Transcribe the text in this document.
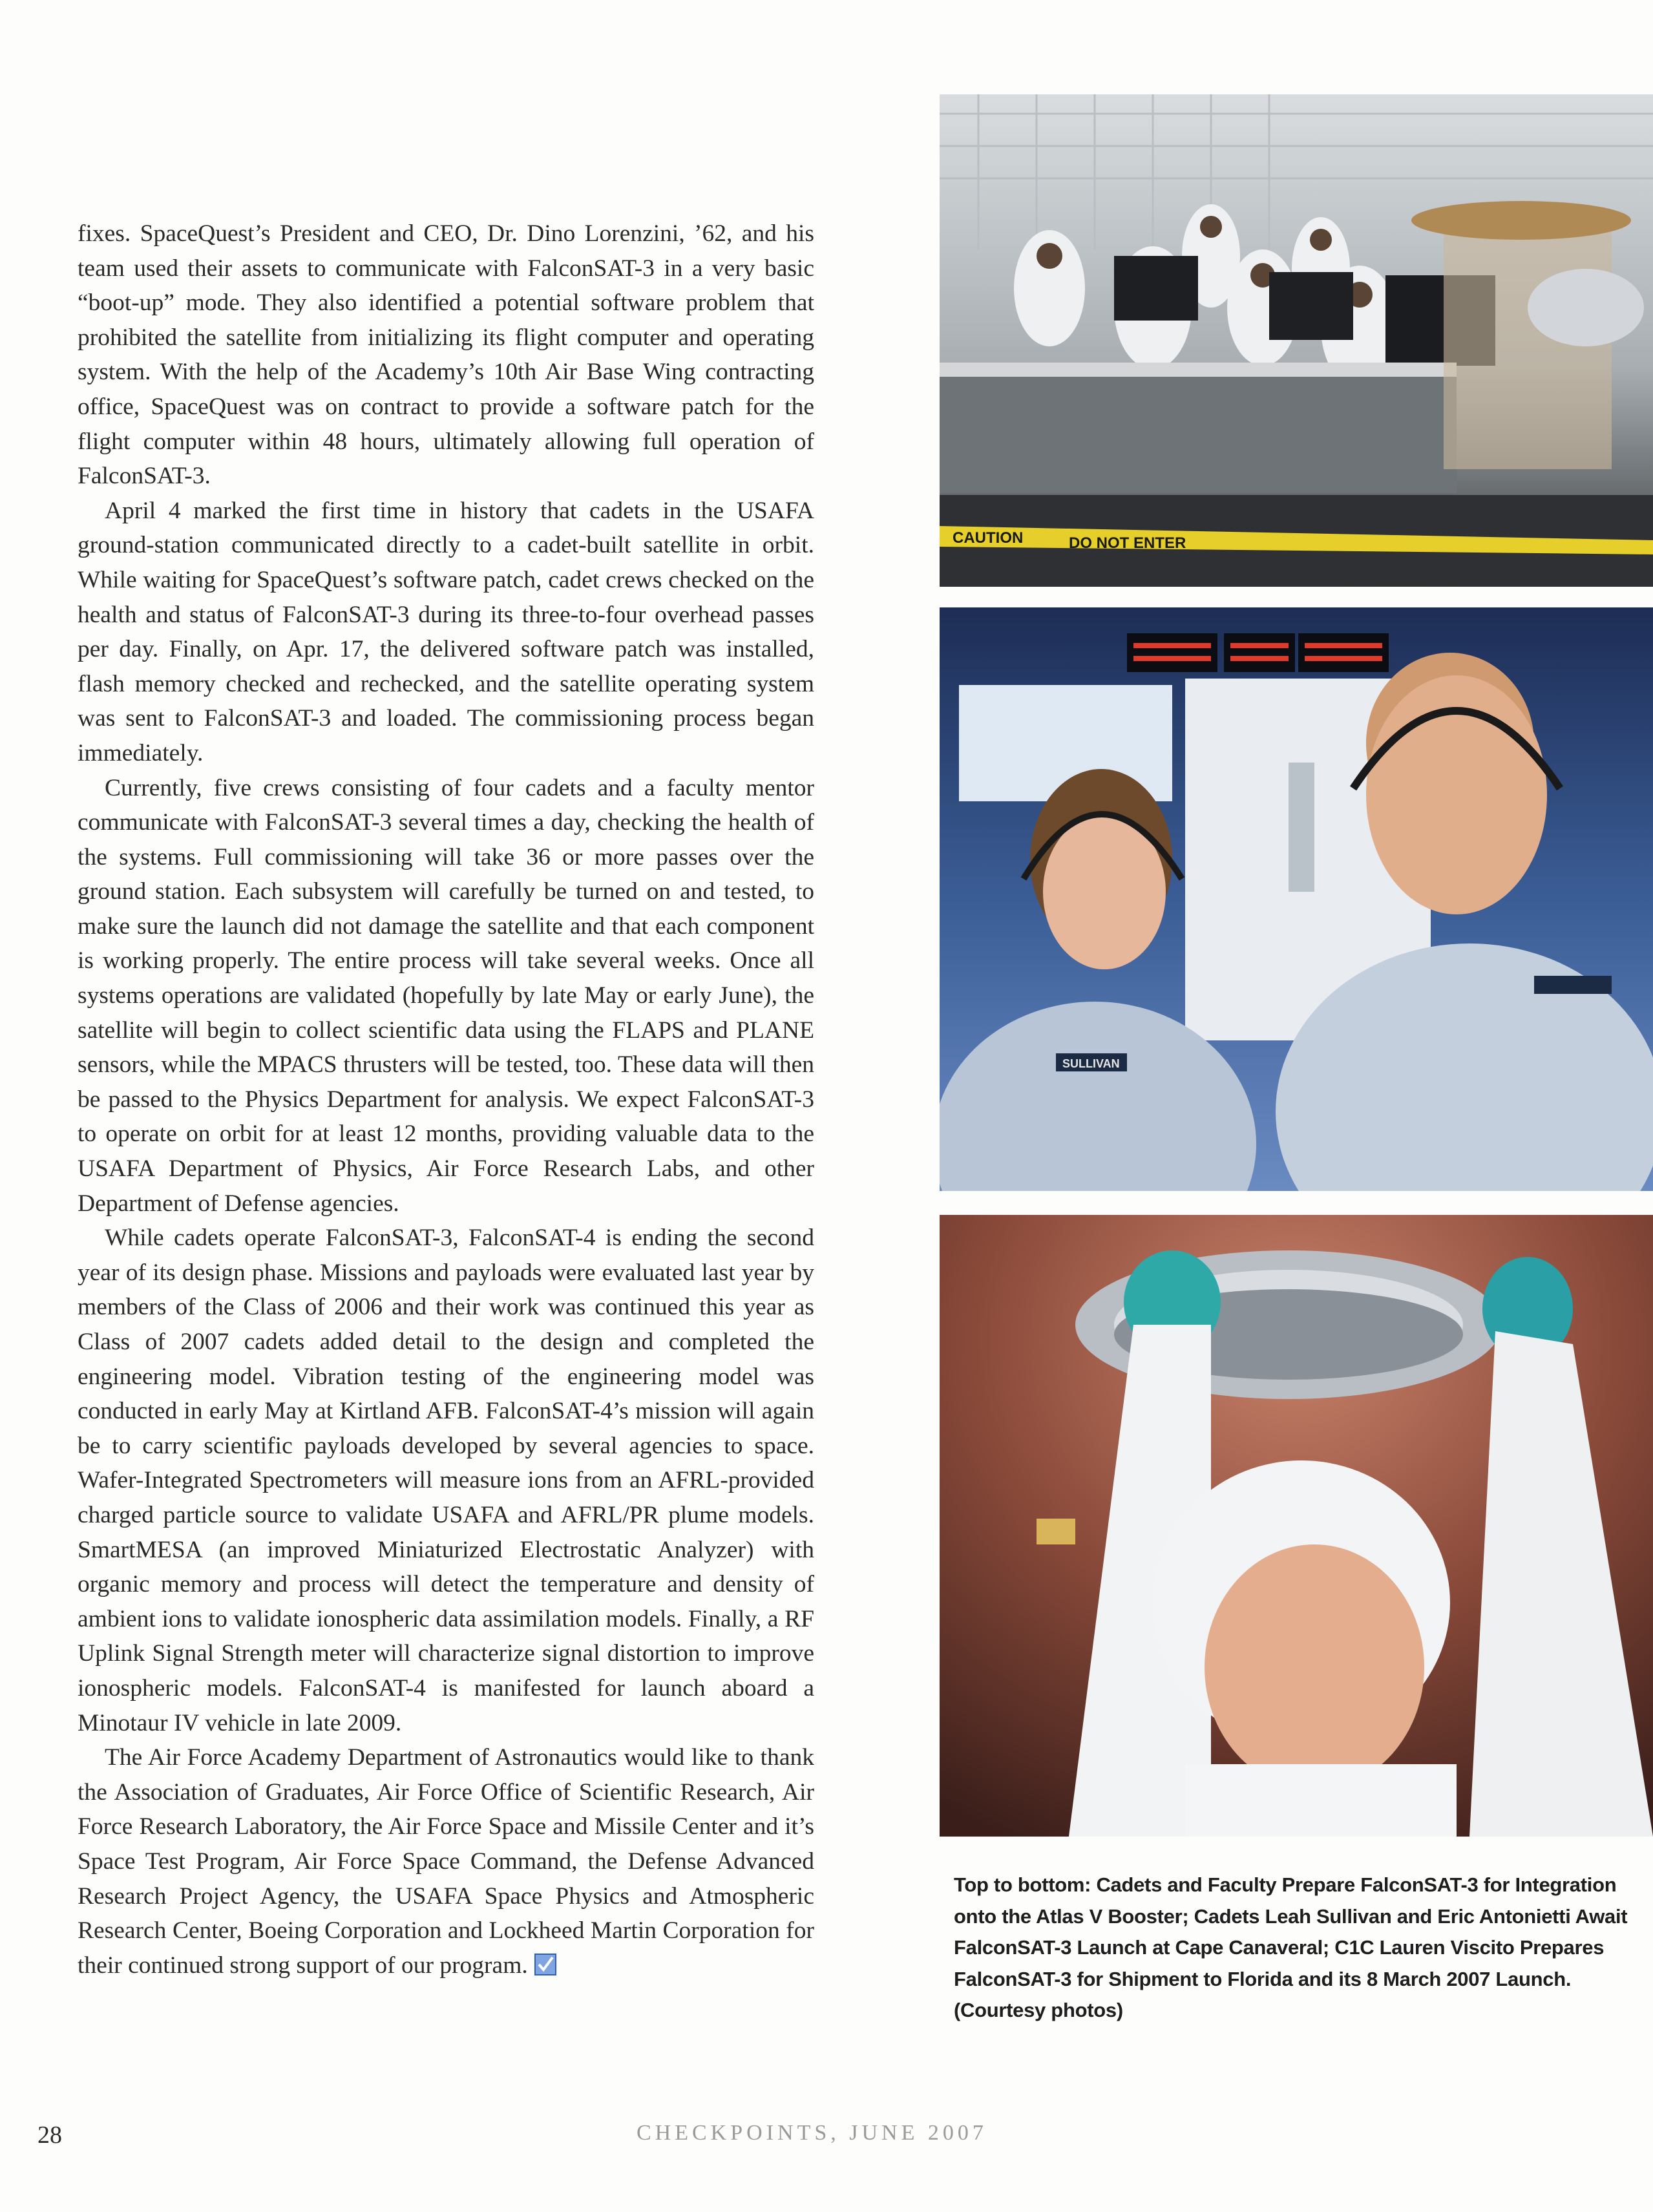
fixes. SpaceQuest’s President and CEO, Dr. Dino Lorenzini, ’62, and his team used their assets to communicate with FalconSAT-3 in a very basic “boot-up” mode. They also identified a potential software problem that prohibited the satellite from initializing its flight computer and operating system. With the help of the Academy’s 10th Air Base Wing contracting office, SpaceQuest was on contract to provide a software patch for the flight computer within 48 hours, ultimately allowing full operation of FalconSAT-3.

April 4 marked the first time in history that cadets in the USAFA ground-station communicated directly to a cadet-built satellite in orbit. While waiting for SpaceQuest’s software patch, cadet crews checked on the health and status of FalconSAT-3 during its three-to-four overhead passes per day. Finally, on Apr. 17, the delivered software patch was installed, flash memory checked and rechecked, and the satellite operating system was sent to FalconSAT-3 and loaded. The commissioning process began immediately.

Currently, five crews consisting of four cadets and a faculty mentor communicate with FalconSAT-3 several times a day, checking the health of the systems. Full commissioning will take 36 or more passes over the ground station. Each subsystem will carefully be turned on and tested, to make sure the launch did not damage the satellite and that each component is working properly. The entire process will take several weeks. Once all systems operations are validated (hopefully by late May or early June), the satellite will begin to collect scientific data using the FLAPS and PLANE sensors, while the MPACS thrusters will be tested, too. These data will then be passed to the Physics Department for analysis. We expect FalconSAT-3 to operate on orbit for at least 12 months, providing valuable data to the USAFA Department of Physics, Air Force Research Labs, and other Department of Defense agencies.

While cadets operate FalconSAT-3, FalconSAT-4 is ending the second year of its design phase. Missions and payloads were evaluated last year by members of the Class of 2006 and their work was continued this year as Class of 2007 cadets added detail to the design and completed the engineering model. Vibration testing of the engineering model was conducted in early May at Kirtland AFB. FalconSAT-4’s mission will again be to carry scientific payloads developed by several agencies to space. Wafer-Integrated Spectrometers will measure ions from an AFRL-provided charged particle source to validate USAFA and AFRL/PR plume models. SmartMESA (an improved Miniaturized Electrostatic Analyzer) with organic memory and process will detect the temperature and density of ambient ions to validate ionospheric data assimilation models. Finally, a RF Uplink Signal Strength meter will characterize signal distortion to improve ionospheric models. FalconSAT-4 is manifested for launch aboard a Minotaur IV vehicle in late 2009.

The Air Force Academy Department of Astronautics would like to thank the Association of Graduates, Air Force Office of Scientific Research, Air Force Research Laboratory, the Air Force Space and Missile Center and it’s Space Test Program, Air Force Space Command, the Defense Advanced Research Project Agency, the USAFA Space Physics and Atmospheric Research Center, Boeing Corporation and Lockheed Martin Corporation for their continued strong support of our program.

CAUTION	DO NOT ENTER
SULLIVAN
Top to bottom: Cadets and Faculty Prepare FalconSAT-3 for Integration onto the Atlas V Booster; Cadets Leah Sullivan and Eric Antonietti Await FalconSAT-3 Launch at Cape Canaveral; C1C Lauren Viscito Prepares FalconSAT-3 for Shipment to Florida and its 8 March 2007 Launch. (Courtesy photos)
28	CHECKPOINTS, JUNE 2007
